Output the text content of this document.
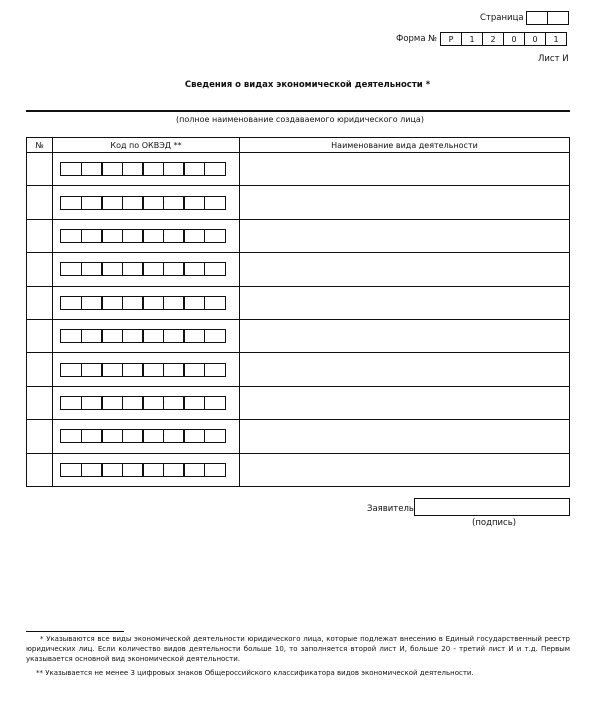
Страница
Форма №	Р	1	2	0	0	1
Лист И
Сведения о видах экономической деятельности *
(полное наименование создаваемого юридического лица)
№	Код по ОКВЭД **	Наименование вида деятельности

Заявитель
(подпись)
* Указываются все виды экономической деятельности юридического лица, которые подлежат внесению в Единый государственный реестр юридических лиц. Если количество видов деятельности больше 10, то заполняется второй лист И, больше 20 - третий лист И и т.д. Первым указывается основной вид экономической деятельности.
** Указывается не менее 3 цифровых знаков Общероссийского классификатора видов экономической деятельности.
